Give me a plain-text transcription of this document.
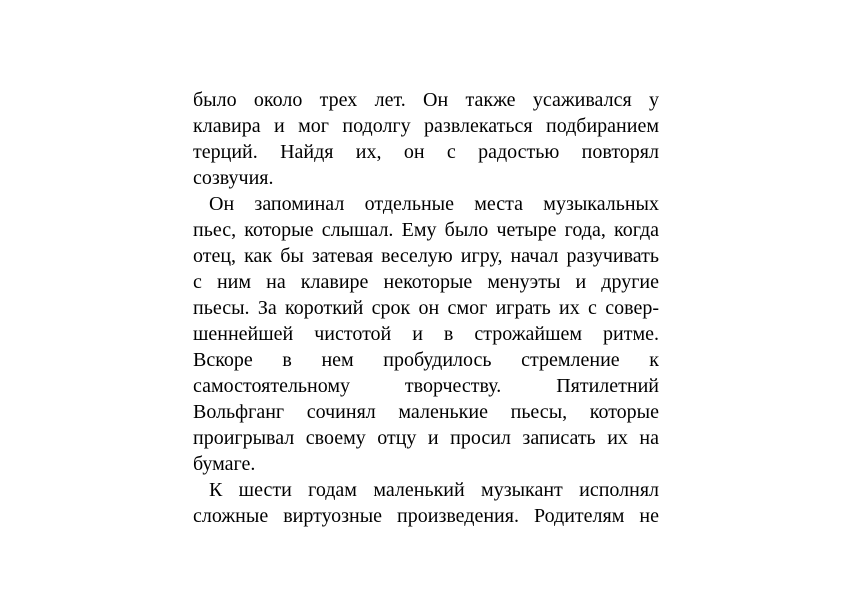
было около трех лет. Он также усаживался у
клавира и мог подолгу развлекаться подбиранием
терций. Найдя их, он с радостью повторял
созвучия.
Он запоминал отдельные места музыкальных
пьес, которые слышал. Ему было четыре года, когда
отец, как бы затевая веселую игру, начал разучивать
с ним на клавире некоторые менуэты и другие
пьесы. За короткий срок он смог играть их с совер-
шеннейшей чистотой и в строжайшем ритме.
Вскоре в нем пробудилось стремление к
самостоятельному творчеству. Пятилетний
Вольфганг сочинял маленькие пьесы, которые
проигрывал своему отцу и просил записать их на
бумаге.
К шести годам маленький музыкант исполнял
сложные виртуозные произведения. Родителям не
